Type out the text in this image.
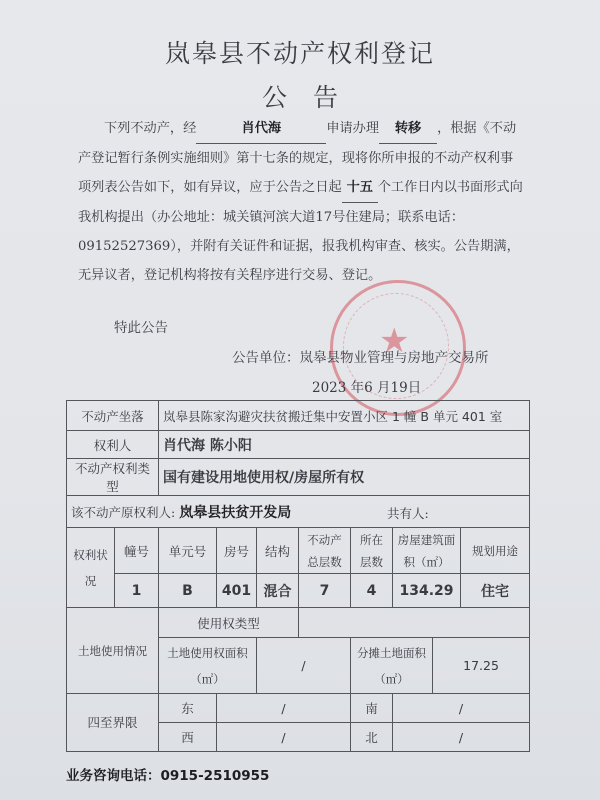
岚皋县不动产权利登记
公告
下列不动产，经	肖代海	申请办理 转移 ，根据《不动产登记暂行条例实施细则》第十七条的规定，现将你所申报的不动产权利事项列表公告如下，如有异议，应于公告之日起 十五 个工作日内以书面形式向我机构提出（办公地址：城关镇河滨大道17号住建局；联系电话：09152527369），并附有关证件和证据，报我机构审查、核实。公告期满，无异议者，登记机构将按有关程序进行交易、登记。
特此公告	★
公告单位：岚皋县物业管理与房地产交易所
2023 年6 月19日
不动产坐落		岚皋县陈家沟避灾扶贫搬迁集中安置小区 1 幢 B 单元 401 室							
权利人		肖代海 陈小阳							
不动产权利类型		国有建设用地使用权/房屋所有权							
该不动产原权利人: 岚皋县扶贫开发局 共有人:									

权利状况	幢号	单元号	房号	结构	不动产总层数	所在层数	房屋建筑面积（㎡）		规划用途
	1	B	401	混合	7	4	134.29		住宅
土地使用情况		使用权类型							
		土地使用权面积（㎡）		/		分摊土地面积（㎡）		17.25	
四至界限		东	/			南	/		
		西	/			北	/		
业务咨询电话：0915-2510955
